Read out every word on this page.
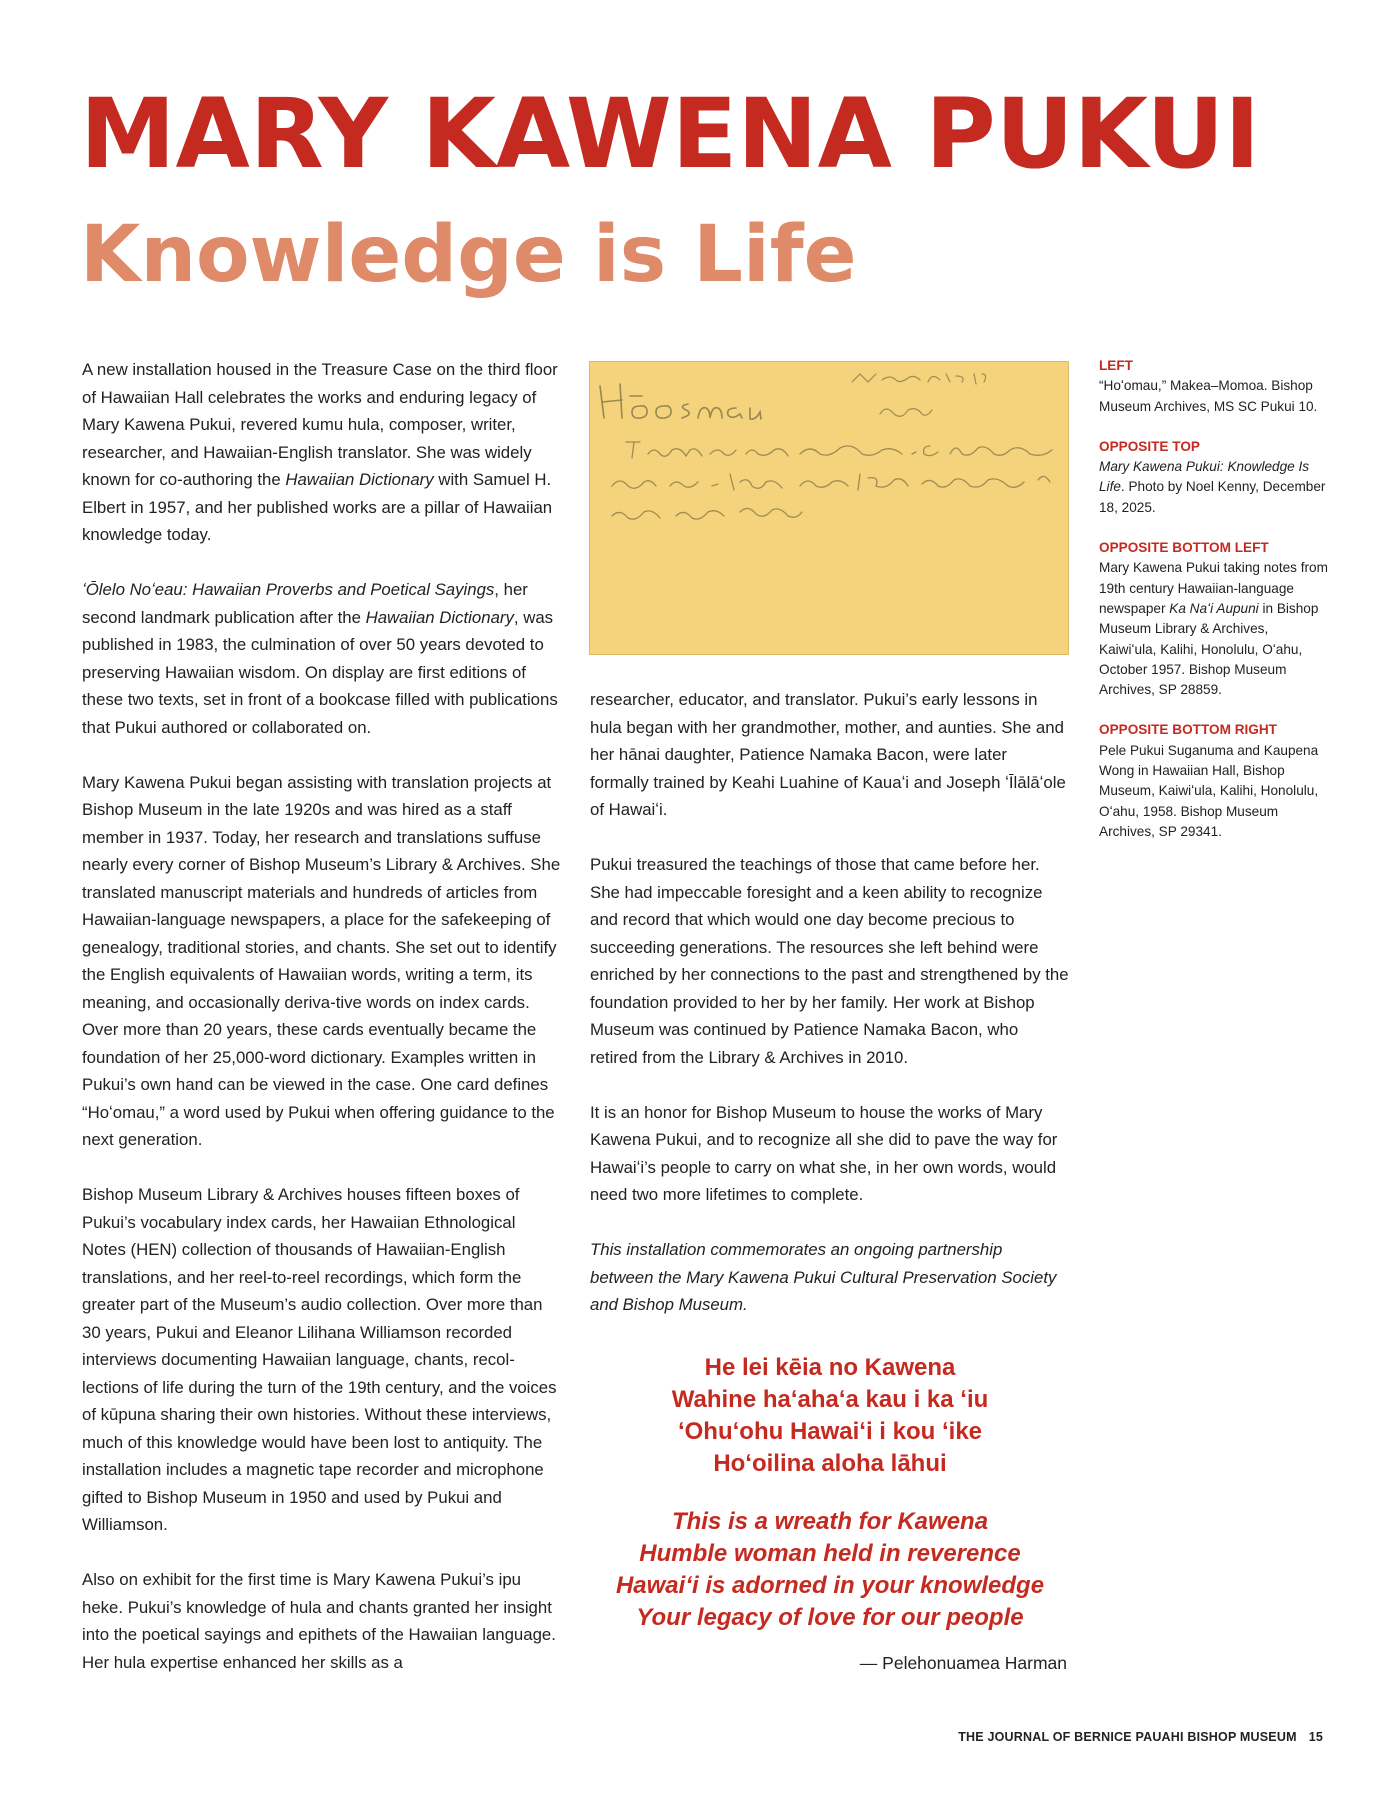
MARY KAWENA PUKUI
Knowledge is Life

A new installation housed in the Treasure Case on the third floor of Hawaiian Hall celebrates the works and enduring legacy of Mary Kawena Pukui, revered kumu hula, composer, writer, researcher, and Hawaiian-English translator. She was widely known for co-authoring the Hawaiian Dictionary with Samuel H. Elbert in 1957, and her published works are a pillar of Hawaiian knowledge today.

ʻŌlelo Noʻeau: Hawaiian Proverbs and Poetical Sayings, her second landmark publication after the Hawaiian Dictionary, was published in 1983, the culmination of over 50 years devoted to preserving Hawaiian wisdom. On display are first editions of these two texts, set in front of a bookcase filled with publications that Pukui authored or collaborated on.

Mary Kawena Pukui began assisting with translation projects at Bishop Museum in the late 1920s and was hired as a staff member in 1937. Today, her research and translations suffuse nearly every corner of Bishop Museum’s Library & Archives. She translated manuscript materials and hundreds of articles from Hawaiian-language newspapers, a place for the safekeeping of genealogy, traditional stories, and chants. She set out to identify the English equivalents of Hawaiian words, writing a term, its meaning, and occasionally deriva-tive words on index cards. Over more than 20 years, these cards eventually became the foundation of her 25,000-word dictionary. Examples written in Pukui’s own hand can be viewed in the case. One card defines “Hoʻomau,” a word used by Pukui when offering guidance to the next generation.

Bishop Museum Library & Archives houses fifteen boxes of Pukui’s vocabulary index cards, her Hawaiian Ethnological Notes (HEN) collection of thousands of Hawaiian-English translations, and her reel-to-reel recordings, which form the greater part of the Museum’s audio collection. Over more than 30 years, Pukui and Eleanor Lilihana Williamson recorded interviews documenting Hawaiian language, chants, recol-lections of life during the turn of the 19th century, and the voices of kūpuna sharing their own histories. Without these interviews, much of this knowledge would have been lost to antiquity. The installation includes a magnetic tape recorder and microphone gifted to Bishop Museum in 1950 and used by Pukui and Williamson.

Also on exhibit for the first time is Mary Kawena Pukui’s ipu heke. Pukui’s knowledge of hula and chants granted her insight into the poetical sayings and epithets of the Hawaiian language. Her hula expertise enhanced her skills as a

researcher, educator, and translator. Pukui’s early lessons in hula began with her grandmother, mother, and aunties. She and her hānai daughter, Patience Namaka Bacon, were later formally trained by Keahi Luahine of Kauaʻi and Joseph ʻĪlālāʻole of Hawaiʻi.

Pukui treasured the teachings of those that came before her. She had impeccable foresight and a keen ability to recognize and record that which would one day become precious to succeeding generations. The resources she left behind were enriched by her connections to the past and strengthened by the foundation provided to her by her family. Her work at Bishop Museum was continued by Patience Namaka Bacon, who retired from the Library & Archives in 2010.

It is an honor for Bishop Museum to house the works of Mary Kawena Pukui, and to recognize all she did to pave the way for Hawaiʻi’s people to carry on what she, in her own words, would need two more lifetimes to complete.

This installation commemorates an ongoing partnership between the Mary Kawena Pukui Cultural Preservation Society and Bishop Museum.

He lei kēia no Kawena
Wahine haʻahaʻa kau i ka ʻiu
ʻOhuʻohu Hawaiʻi i kou ʻike
Hoʻoilina aloha lāhui
This is a wreath for Kawena
Humble woman held in reverence
Hawaiʻi is adorned in your knowledge
Your legacy of love for our people
— Pelehonuamea Harman
LEFT
“Hoʻomau,” Makea–Momoa. Bishop Museum Archives, MS SC Pukui 10.
OPPOSITE TOP
Mary Kawena Pukui: Knowledge Is Life. Photo by Noel Kenny, December 18, 2025.
OPPOSITE BOTTOM LEFT
Mary Kawena Pukui taking notes from 19th century Hawaiian-language newspaper Ka Naʻi Aupuni in Bishop Museum Library & Archives, Kaiwiʻula, Kalihi, Honolulu, Oʻahu, October 1957. Bishop Museum Archives, SP 28859.
OPPOSITE BOTTOM RIGHT
Pele Pukui Suganuma and Kaupena Wong in Hawaiian Hall, Bishop Museum, Kaiwiʻula, Kalihi, Honolulu, Oʻahu, 1958. Bishop Museum Archives, SP 29341.
THE JOURNAL OF BERNICE PAUAHI BISHOP MUSEUM 15
